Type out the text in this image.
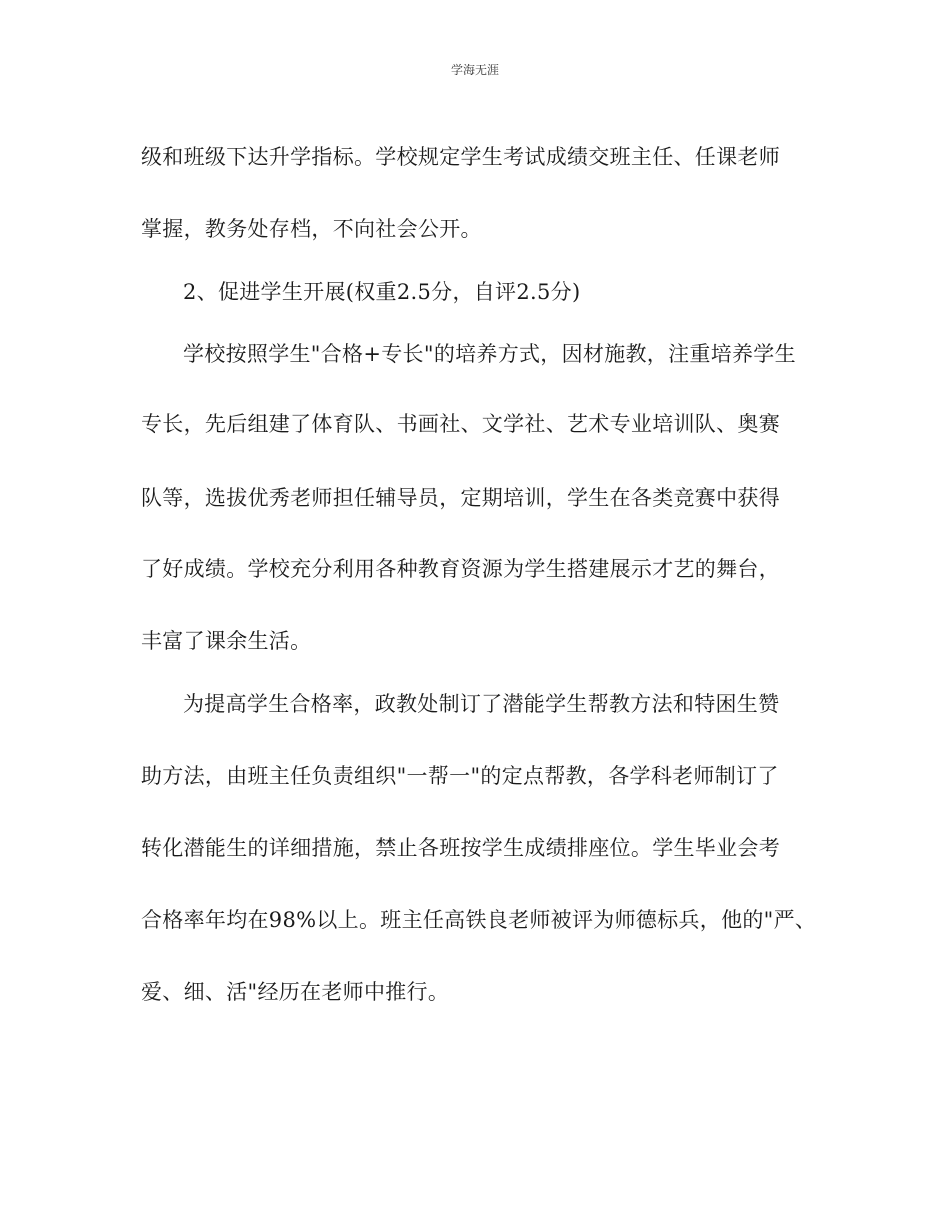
学海无涯
级和班级下达升学指标。学校规定学生考试成绩交班主任、任课老师
掌握，教务处存档，不向社会公开。
2、促进学生开展(权重2.5分，自评2.5分)
学校按照学生"合格+专长"的培养方式，因材施教，注重培养学生
专长，先后组建了体育队、书画社、文学社、艺术专业培训队、奥赛
队等，选拔优秀老师担任辅导员，定期培训，学生在各类竞赛中获得
了好成绩。学校充分利用各种教育资源为学生搭建展示才艺的舞台，
丰富了课余生活。
为提高学生合格率，政教处制订了潜能学生帮教方法和特困生赞
助方法，由班主任负责组织"一帮一"的定点帮教，各学科老师制订了
转化潜能生的详细措施，禁止各班按学生成绩排座位。学生毕业会考
合格率年均在98%以上。班主任高铁良老师被评为师德标兵，他的"严、
爱、细、活"经历在老师中推行。
